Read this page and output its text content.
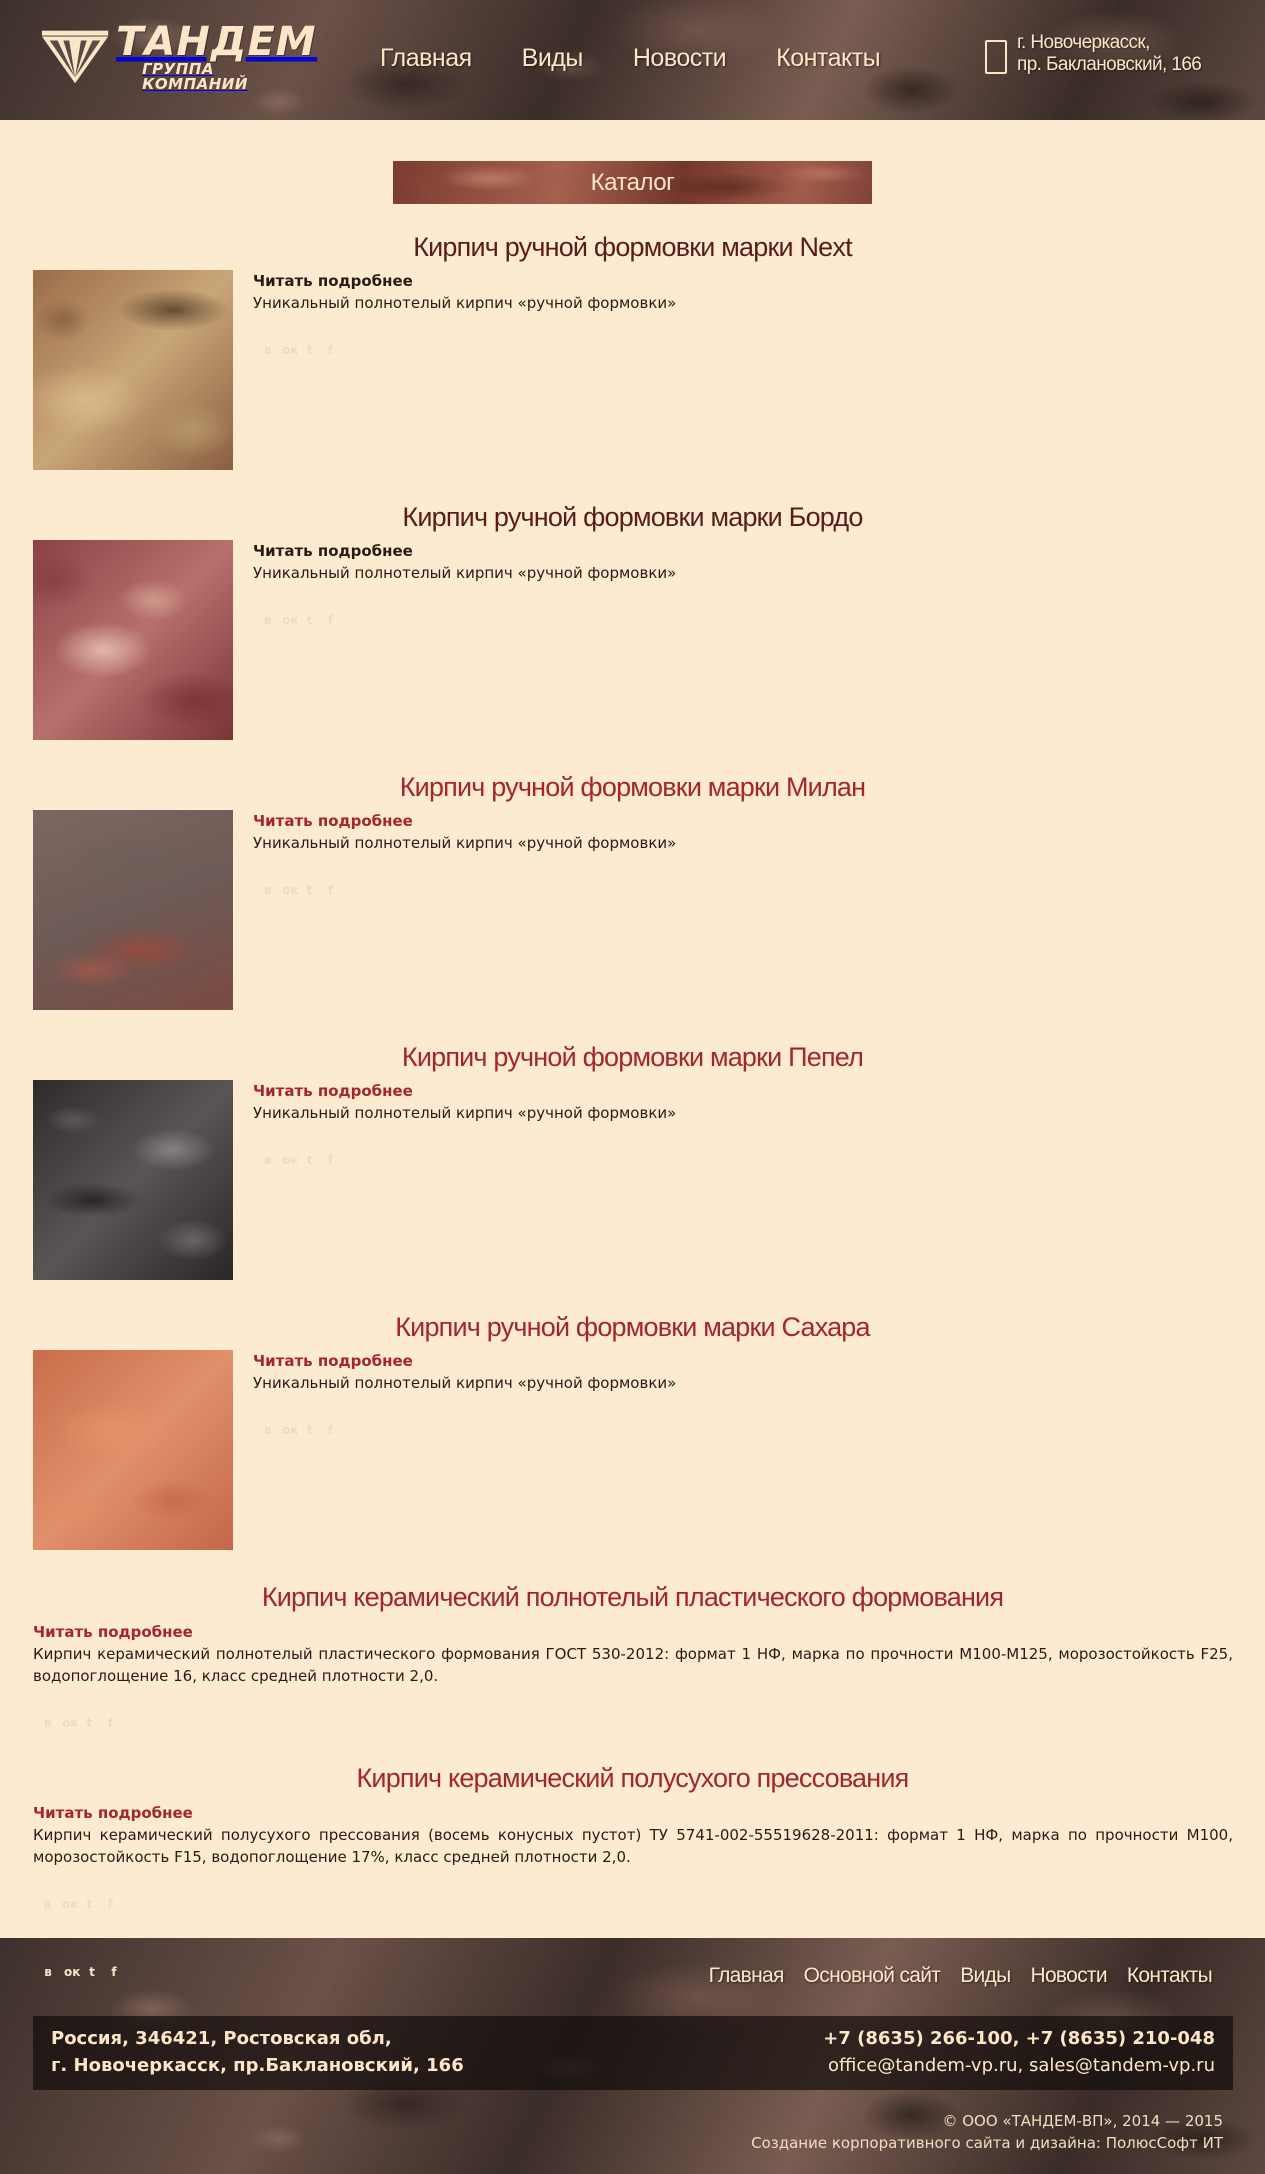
ТАНДЕМ
ГРУППА КОМПАНИЙ
Главная Виды Новости Контакты
г. Новочеркасск,
пр. Баклановский, 166
Каталог
Кирпич ручной формовки марки Next
Читать подробнее
Уникальный полнотелый кирпич «ручной формовки»
в ок t	f
Кирпич ручной формовки марки Бордо
Читать подробнее
Уникальный полнотелый кирпич «ручной формовки»
в ок t	f
Кирпич ручной формовки марки Милан
Читать подробнее
Уникальный полнотелый кирпич «ручной формовки»
в ок t	f
Кирпич ручной формовки марки Пепел
Читать подробнее
Уникальный полнотелый кирпич «ручной формовки»
в ок t	f
Кирпич ручной формовки марки Сахара
Читать подробнее
Уникальный полнотелый кирпич «ручной формовки»
в ок t	f
Кирпич керамический полнотелый пластического формования
Читать подробнее
Кирпич керамический полнотелый пластического формования ГОСТ 530-2012: формат 1 НФ, марка по прочности М100-М125, морозостойкость F25, водопоглощение 16, класс средней плотности 2,0.
в ок t	f
Кирпич керамический полусухого прессования
Читать подробнее
Кирпич керамический полусухого прессования (восемь конусных пустот) ТУ 5741-002-55519628-2011: формат 1 НФ, марка по прочности М100, морозостойкость F15, водопоглощение 17%, класс средней плотности 2,0.
в ок t	f
в ок t f	Главная Основной сайт Виды Новости Контакты
Россия, 346421, Ростовская обл,
г. Новочеркасск, пр.Баклановский, 166
+7 (8635) 266-100, +7 (8635) 210-048
office@tandem-vp.ru, sales@tandem-vp.ru
© ООО «ТАНДЕМ-ВП», 2014 — 2015
Создание корпоративного сайта и дизайна: ПолюсСофт ИТ
